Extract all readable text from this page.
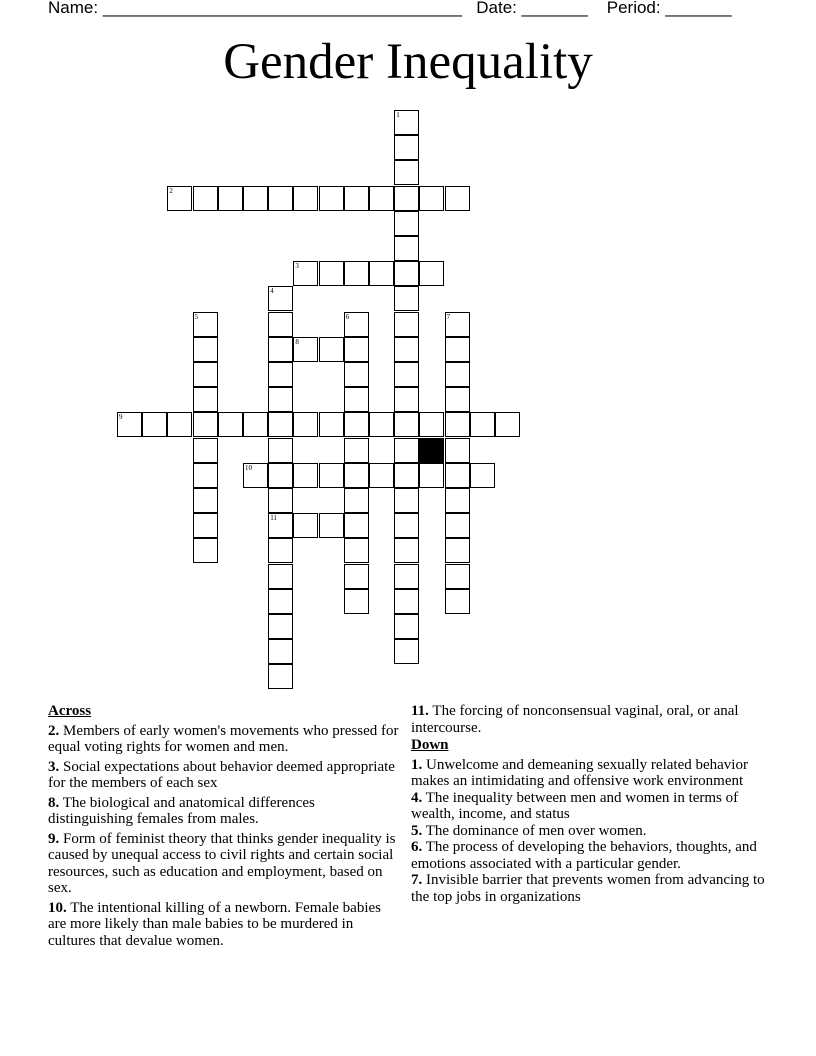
Name: ______________________________________ Date: _______ Period: _______
Gender Inequality
1
2
3
4
11
5	6	7
8
9
10
Across
2. Members of early women's movements who pressed for equal voting rights for women and men.
3. Social expectations about behavior deemed appropriate for the members of each sex
8. The biological and anatomical differences distinguishing females from males.
9. Form of feminist theory that thinks gender inequality is caused by unequal access to civil rights and certain social resources, such as education and employment, based on sex.
10. The intentional killing of a newborn. Female babies are more likely than male babies to be murdered in cultures that devalue women.
11. The forcing of nonconsensual vaginal, oral, or anal intercourse.
Down
1. Unwelcome and demeaning sexually related behavior makes an intimidating and offensive work environment
4. The inequality between men and women in terms of wealth, income, and status
5. The dominance of men over women.
6. The process of developing the behaviors, thoughts, and emotions associated with a particular gender.
7. Invisible barrier that prevents women from advancing to the top jobs in organizations
